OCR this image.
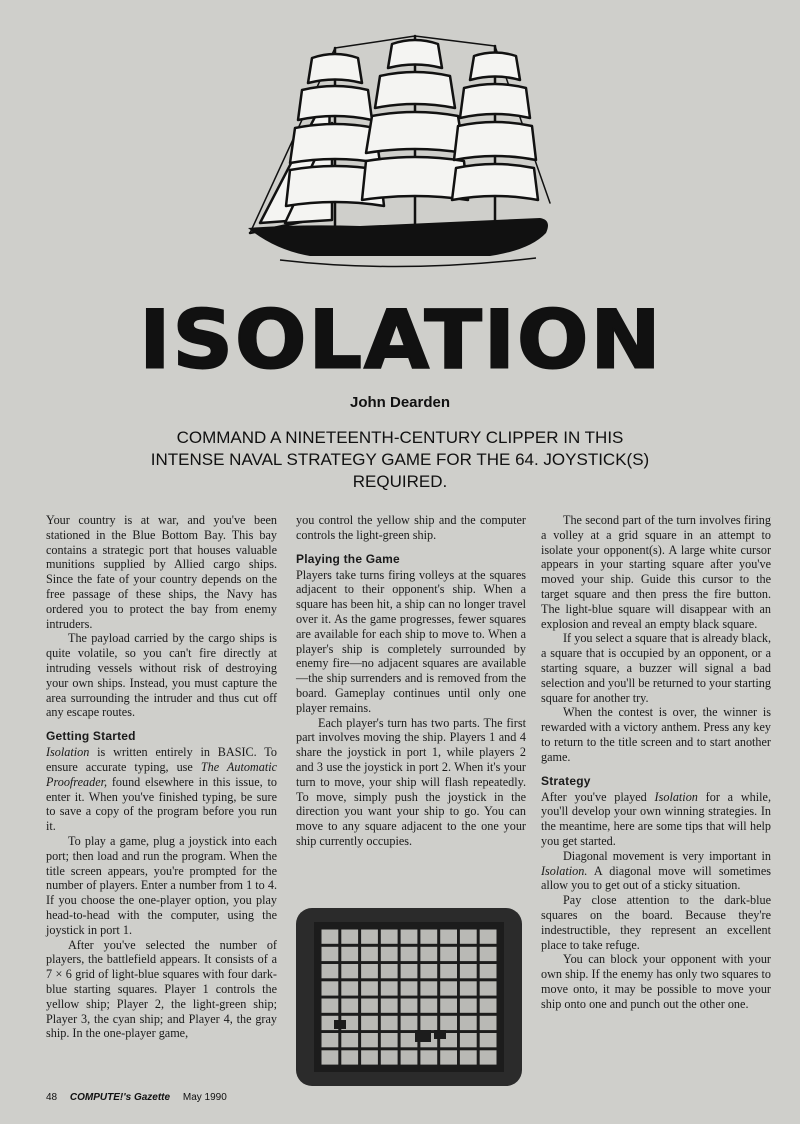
ISOLATION
John Dearden
COMMAND A NINETEENTH-CENTURY CLIPPER IN THIS INTENSE NAVAL STRATEGY GAME FOR THE 64. JOYSTICK(S) REQUIRED.

Your country is at war, and you've been stationed in the Blue Bottom Bay. This bay contains a strategic port that houses valuable munitions supplied by Allied cargo ships. Since the fate of your country depends on the free passage of these ships, the Navy has ordered you to protect the bay from enemy intruders.

The payload carried by the cargo ships is quite volatile, so you can't fire directly at intruding vessels without risk of destroying your own ships. Instead, you must capture the area surrounding the intruder and thus cut off any escape routes.

Getting Started

Isolation is written entirely in BASIC. To ensure accurate typing, use The Automatic Proofreader, found elsewhere in this issue, to enter it. When you've finished typing, be sure to save a copy of the program before you run it.

To play a game, plug a joystick into each port; then load and run the program. When the title screen appears, you're prompted for the number of players. Enter a number from 1 to 4. If you choose the one-player option, you play head-to-head with the computer, using the joystick in port 1.

After you've selected the number of players, the battlefield appears. It consists of a 7 × 6 grid of light-blue squares with four dark-blue starting squares. Player 1 controls the yellow ship; Player 2, the light-green ship; Player 3, the cyan ship; and Player 4, the gray ship. In the one-player game,

you control the yellow ship and the computer controls the light-green ship.

Playing the Game

Players take turns firing volleys at the squares adjacent to their opponent's ship. When a square has been hit, a ship can no longer travel over it. As the game progresses, fewer squares are available for each ship to move to. When a player's ship is completely surrounded by enemy fire—no adjacent squares are available—the ship surrenders and is removed from the board. Gameplay continues until only one player remains.

Each player's turn has two parts. The first part involves moving the ship. Players 1 and 4 share the joystick in port 1, while players 2 and 3 use the joystick in port 2. When it's your turn to move, your ship will flash repeatedly. To move, simply push the joystick in the direction you want your ship to go. You can move to any square adjacent to the one your ship currently occupies.

The second part of the turn involves firing a volley at a grid square in an attempt to isolate your opponent(s). A large white cursor appears in your starting square after you've moved your ship. Guide this cursor to the target square and then press the fire button. The light-blue square will disappear with an explosion and reveal an empty black square.

If you select a square that is already black, a square that is occupied by an opponent, or a starting square, a buzzer will signal a bad selection and you'll be returned to your starting square for another try.

When the contest is over, the winner is rewarded with a victory anthem. Press any key to return to the title screen and to start another game.

Strategy

After you've played Isolation for a while, you'll develop your own winning strategies. In the meantime, here are some tips that will help you get started.

Diagonal movement is very important in Isolation. A diagonal move will sometimes allow you to get out of a sticky situation.

Pay close attention to the dark-blue squares on the board. Because they're indestructible, they represent an excellent place to take refuge.

You can block your opponent with your own ship. If the enemy has only two squares to move onto, it may be possible to move your ship onto one and punch out the other one.

48 COMPUTE!'s Gazette May 1990
